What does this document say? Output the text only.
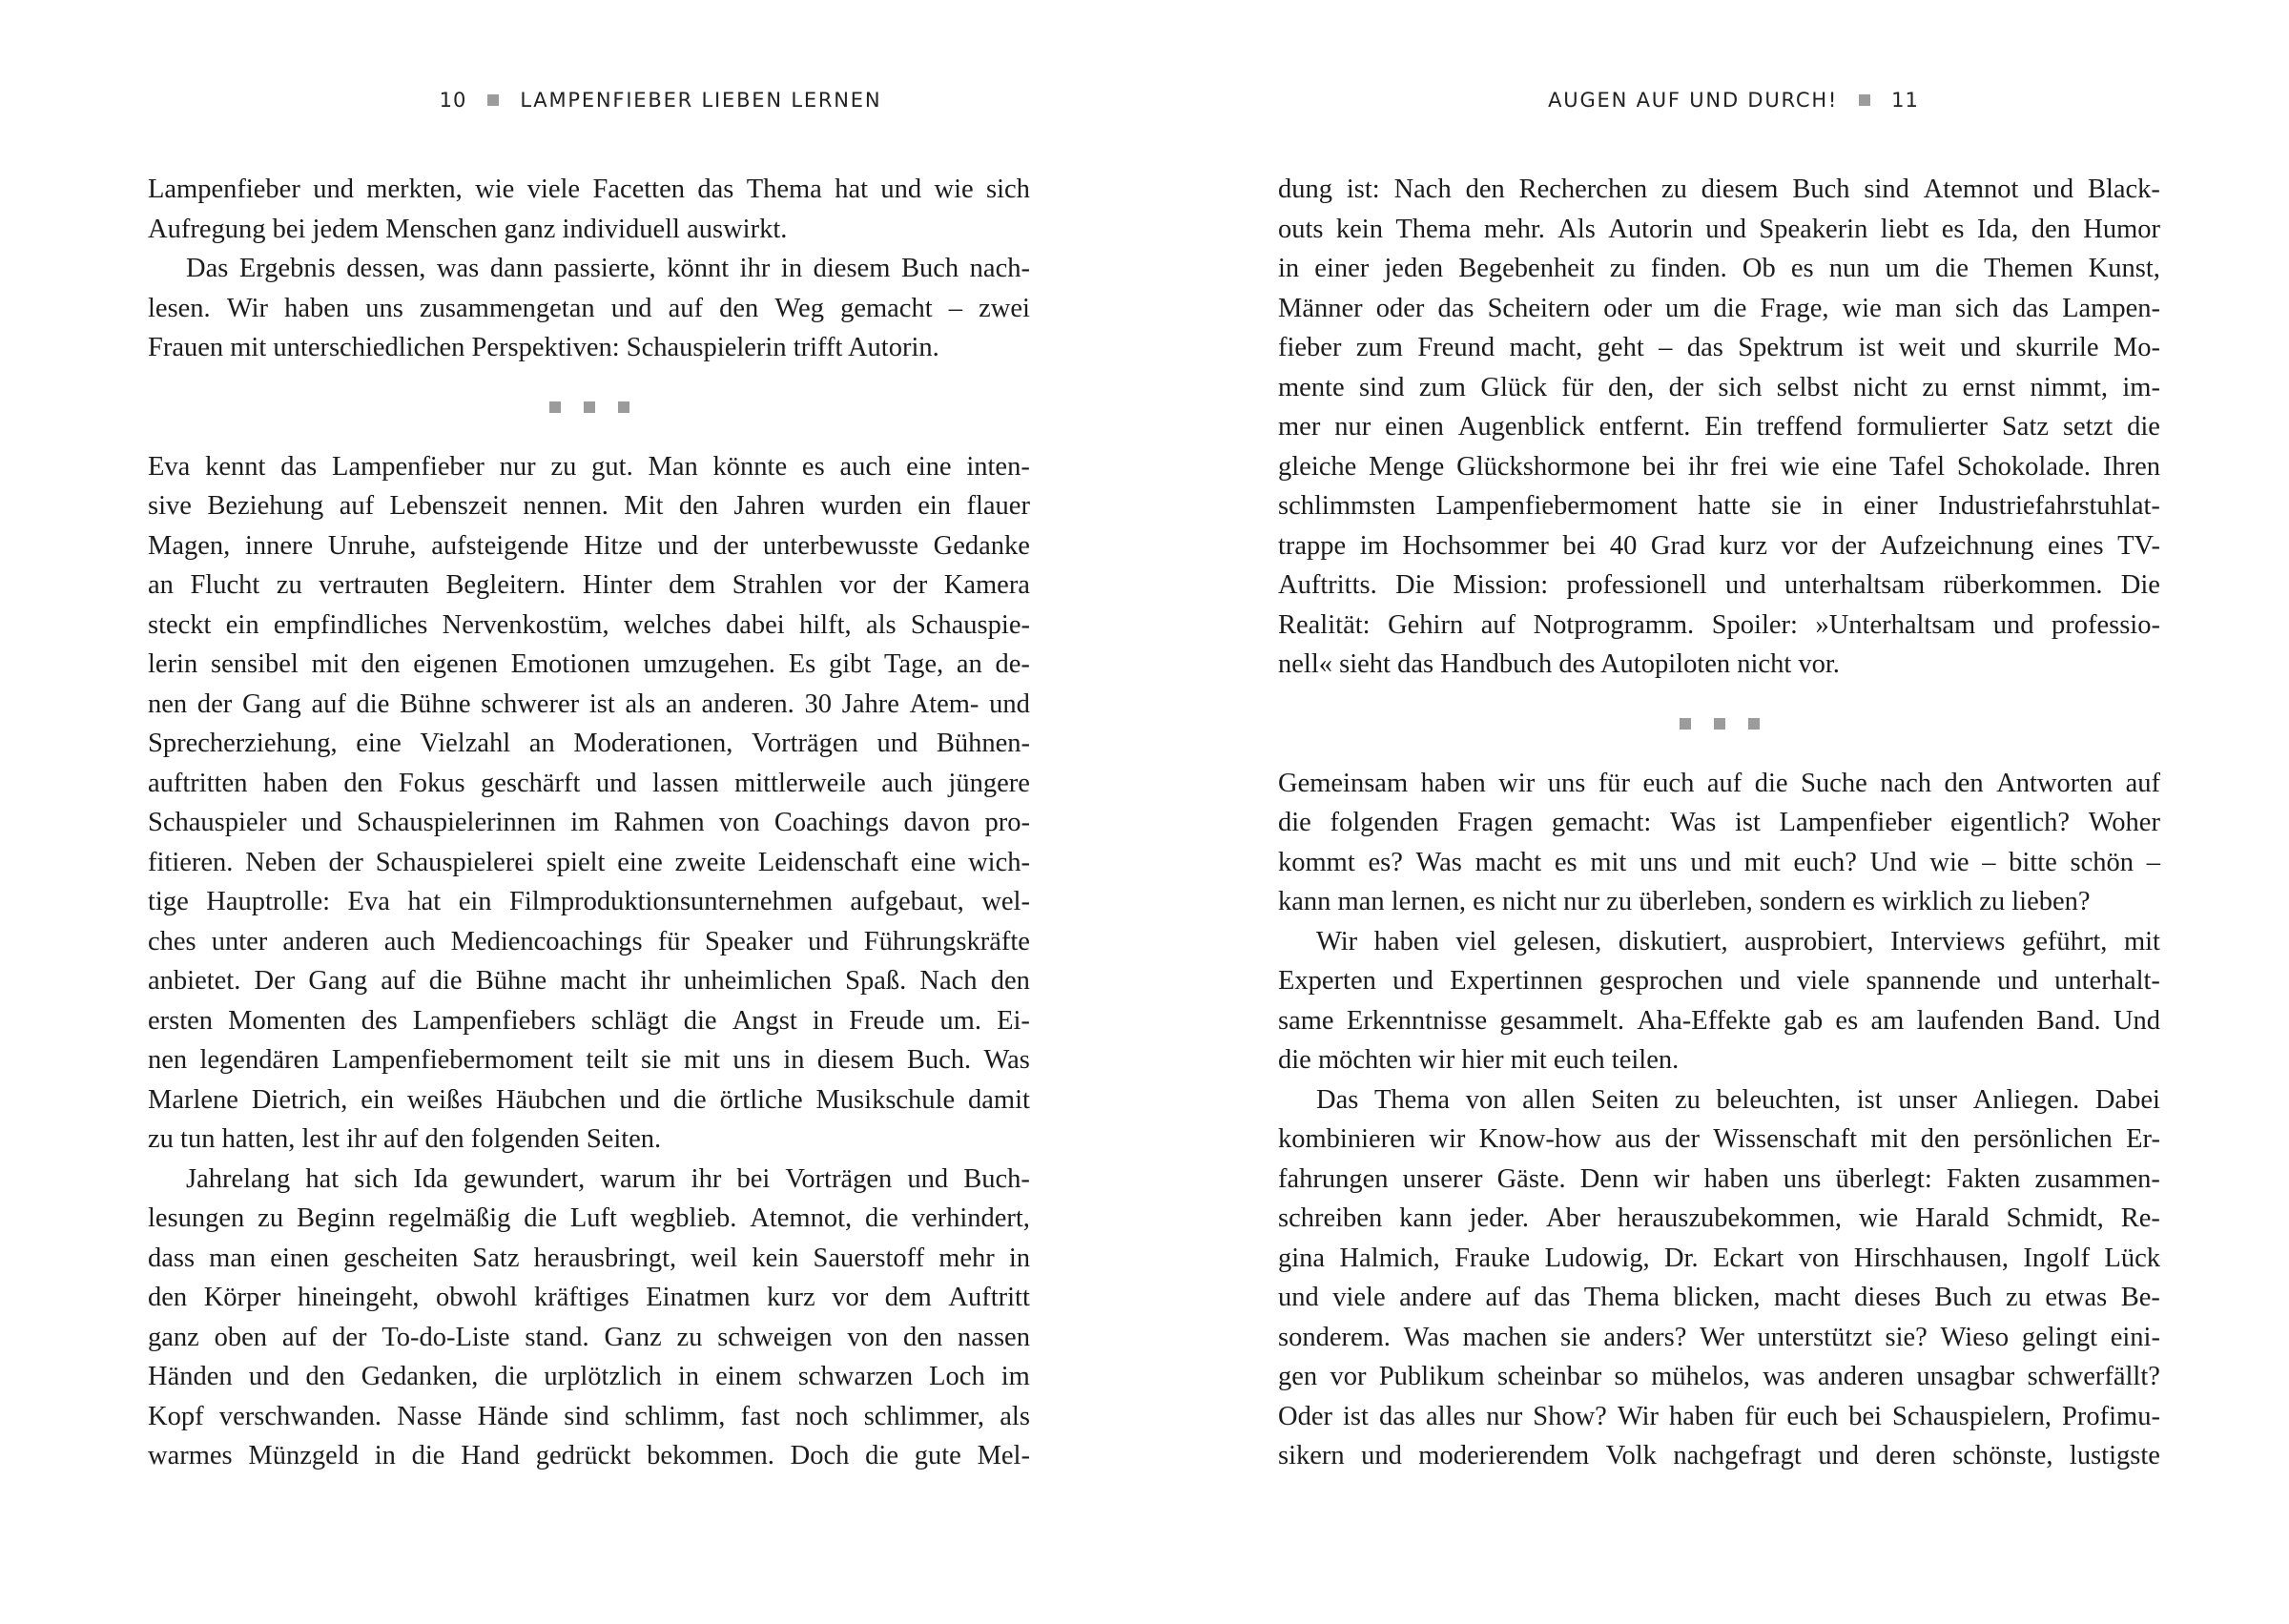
10	LAMPENFIEBER LIEBEN LERNEN
Lampenfieber und merkten, wie viele Facetten das Thema hat und wie sich
Aufregung bei jedem Menschen ganz individuell auswirkt.
Das Ergebnis dessen, was dann passierte, könnt ihr in diesem Buch nach-
lesen. Wir haben uns zusammengetan und auf den Weg gemacht – zwei
Frauen mit unterschiedlichen Perspektiven: Schauspielerin trifft Autorin.
Eva kennt das Lampenfieber nur zu gut. Man könnte es auch eine inten-
sive Beziehung auf Lebenszeit nennen. Mit den Jahren wurden ein flauer
Magen, innere Unruhe, aufsteigende Hitze und der unterbewusste Gedanke
an Flucht zu vertrauten Begleitern. Hinter dem Strahlen vor der Kamera
steckt ein empfindliches Nervenkostüm, welches dabei hilft, als Schauspie-
lerin sensibel mit den eigenen Emotionen umzugehen. Es gibt Tage, an de-
nen der Gang auf die Bühne schwerer ist als an anderen. 30 Jahre Atem- und
Sprecherziehung, eine Vielzahl an Moderationen, Vorträgen und Bühnen-
auftritten haben den Fokus geschärft und lassen mittlerweile auch jüngere
Schauspieler und Schauspielerinnen im Rahmen von Coachings davon pro-
fitieren. Neben der Schauspielerei spielt eine zweite Leidenschaft eine wich-
tige Hauptrolle: Eva hat ein Filmproduktionsunternehmen aufgebaut, wel-
ches unter anderen auch Mediencoachings für Speaker und Führungskräfte
anbietet. Der Gang auf die Bühne macht ihr unheimlichen Spaß. Nach den
ersten Momenten des Lampenfiebers schlägt die Angst in Freude um. Ei-
nen legendären Lampenfiebermoment teilt sie mit uns in diesem Buch. Was
Marlene Dietrich, ein weißes Häubchen und die örtliche Musikschule damit
zu tun hatten, lest ihr auf den folgenden Seiten.
Jahrelang hat sich Ida gewundert, warum ihr bei Vorträgen und Buch-
lesungen zu Beginn regelmäßig die Luft wegblieb. Atemnot, die verhindert,
dass man einen gescheiten Satz herausbringt, weil kein Sauerstoff mehr in
den Körper hineingeht, obwohl kräftiges Einatmen kurz vor dem Auftritt
ganz oben auf der To-do-Liste stand. Ganz zu schweigen von den nassen
Händen und den Gedanken, die urplötzlich in einem schwarzen Loch im
Kopf verschwanden. Nasse Hände sind schlimm, fast noch schlimmer, als
warmes Münzgeld in die Hand gedrückt bekommen. Doch die gute Mel-
AUGEN AUF UND DURCH!	11
dung ist: Nach den Recherchen zu diesem Buch sind Atemnot und Black-
outs kein Thema mehr. Als Autorin und Speakerin liebt es Ida, den Humor
in einer jeden Begebenheit zu finden. Ob es nun um die Themen Kunst,
Männer oder das Scheitern oder um die Frage, wie man sich das Lampen-
fieber zum Freund macht, geht – das Spektrum ist weit und skurrile Mo-
mente sind zum Glück für den, der sich selbst nicht zu ernst nimmt, im-
mer nur einen Augenblick entfernt. Ein treffend formulierter Satz setzt die
gleiche Menge Glückshormone bei ihr frei wie eine Tafel Schokolade. Ihren
schlimmsten Lampenfiebermoment hatte sie in einer Industriefahrstuhlat-
trappe im Hochsommer bei 40 Grad kurz vor der Aufzeichnung eines TV-
Auftritts. Die Mission: professionell und unterhaltsam rüberkommen. Die
Realität: Gehirn auf Notprogramm. Spoiler: »Unterhaltsam und professio-
nell« sieht das Handbuch des Autopiloten nicht vor.
Gemeinsam haben wir uns für euch auf die Suche nach den Antworten auf
die folgenden Fragen gemacht: Was ist Lampenfieber eigentlich? Woher
kommt es? Was macht es mit uns und mit euch? Und wie – bitte schön –
kann man lernen, es nicht nur zu überleben, sondern es wirklich zu lieben?
Wir haben viel gelesen, diskutiert, ausprobiert, Interviews geführt, mit
Experten und Expertinnen gesprochen und viele spannende und unterhalt-
same Erkenntnisse gesammelt. Aha-Effekte gab es am laufenden Band. Und
die möchten wir hier mit euch teilen.
Das Thema von allen Seiten zu beleuchten, ist unser Anliegen. Dabei
kombinieren wir Know-how aus der Wissenschaft mit den persönlichen Er-
fahrungen unserer Gäste. Denn wir haben uns überlegt: Fakten zusammen-
schreiben kann jeder. Aber herauszubekommen, wie Harald Schmidt, Re-
gina Halmich, Frauke Ludowig, Dr. Eckart von Hirschhausen, Ingolf Lück
und viele andere auf das Thema blicken, macht dieses Buch zu etwas Be-
sonderem. Was machen sie anders? Wer unterstützt sie? Wieso gelingt eini-
gen vor Publikum scheinbar so mühelos, was anderen unsagbar schwerfällt?
Oder ist das alles nur Show? Wir haben für euch bei Schauspielern, Profimu-
sikern und moderierendem Volk nachgefragt und deren schönste, lustigste
